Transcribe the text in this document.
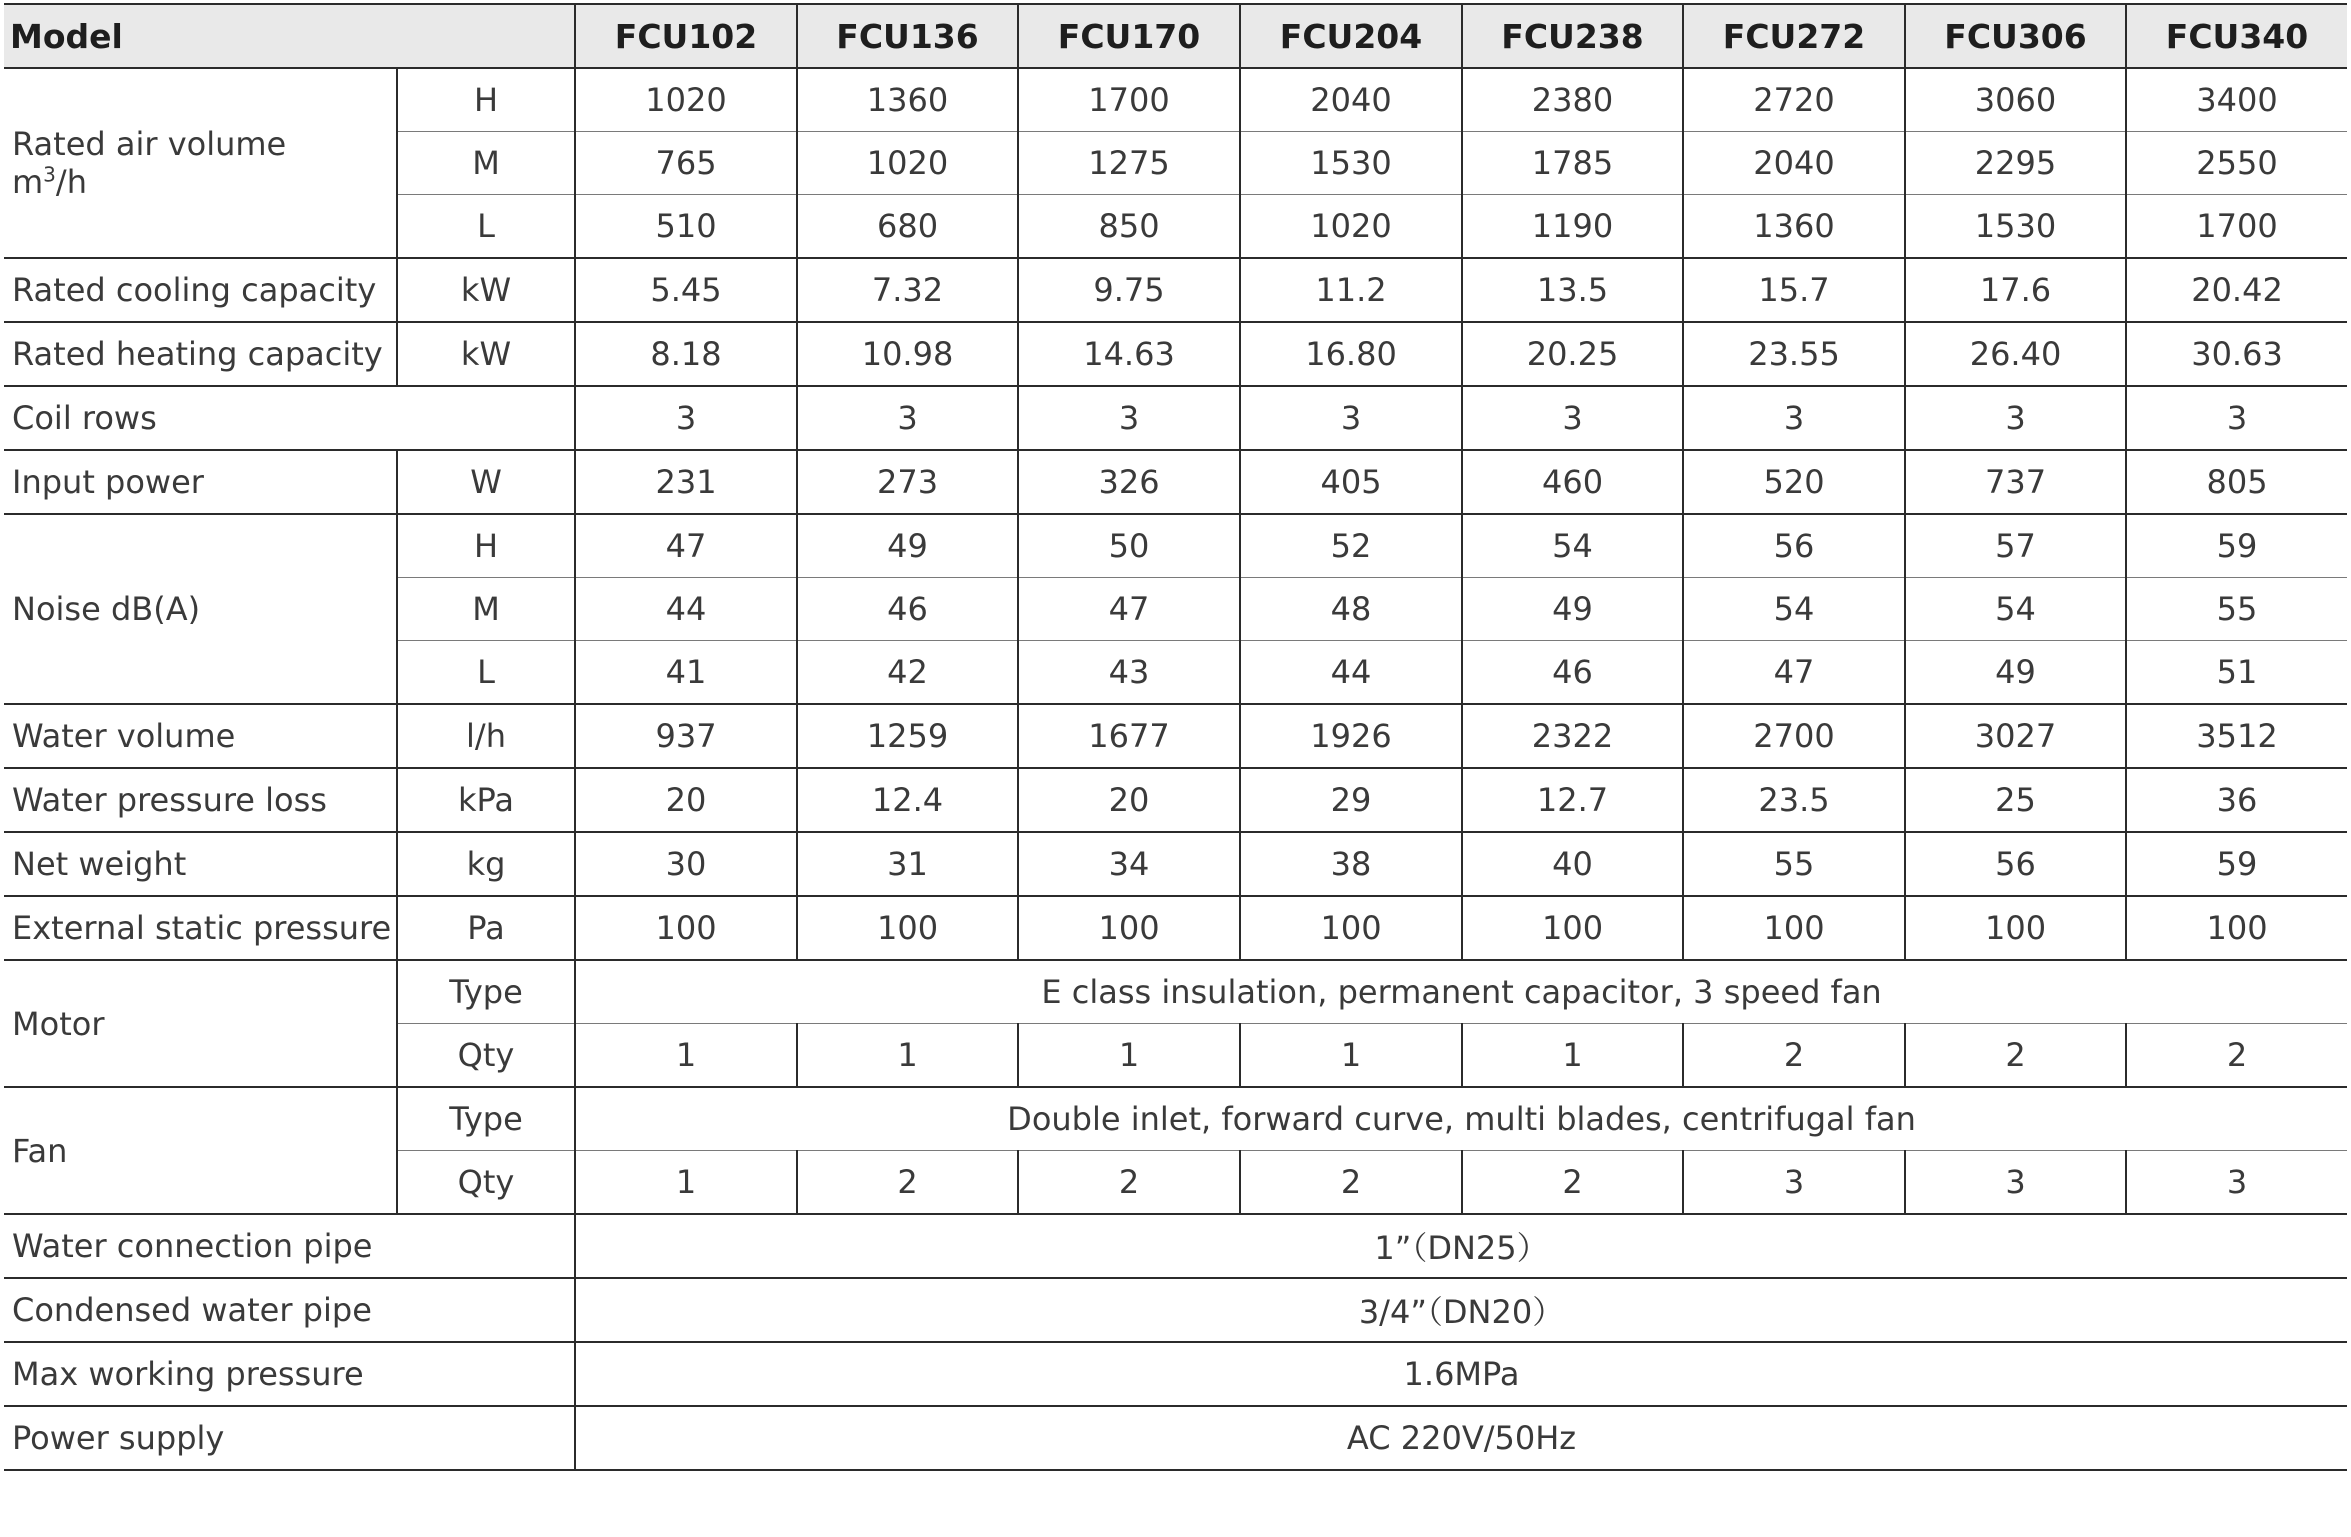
Model		FCU102	FCU136	FCU170	FCU204	FCU238	FCU272	FCU306	FCU340
Rated air volume
$m^3/h$	H	1020	1360	1700	2040	2380	2720	3060	3400
	M	765	1020	1275	1530	1785	2040	2295	2550
	L	510	680	850	1020	1190	1360	1530	1700
Rated cooling capacity	kW	5.45	7.32	9.75	11.2	13.5	15.7	17.6	20.42
Rated heating capacity	kW	8.18	10.98	14.63	16.80	20.25	23.55	26.40	30.63
Coil rows		3	3	3	3	3	3	3	3
Input power	W	231	273	326	405	460	520	737	805
Noise dB(A)	H	47	49	50	52	54	56	57	59
	M	44	46	47	48	49	54	54	55
	L	41	42	43	44	46	47	49	51
Water volume	l/h	937	1259	1677	1926	2322	2700	3027	3512
Water pressure loss	kPa	20	12.4	20	29	12.7	23.5	25	36
Net weight	kg	30	31	34	38	40	55	56	59
External static pressure	Pa	100	100	100	100	100	100	100	100
Motor	Type	E class insulation, permanent capacitor, 3 speed fan							
	Qty	1	1	1	1	1	2	2	2
Fan	Type	Double inlet, forward curve, multi blades, centrifugal fan							
	Qty	1	2	2	2	2	3	3	3
Water connection pipe		1”（DN25）							
Condensed water pipe		3/4”（DN20）							
Max working pressure		1.6MPa							
Power supply		AC 220V/50Hz							
